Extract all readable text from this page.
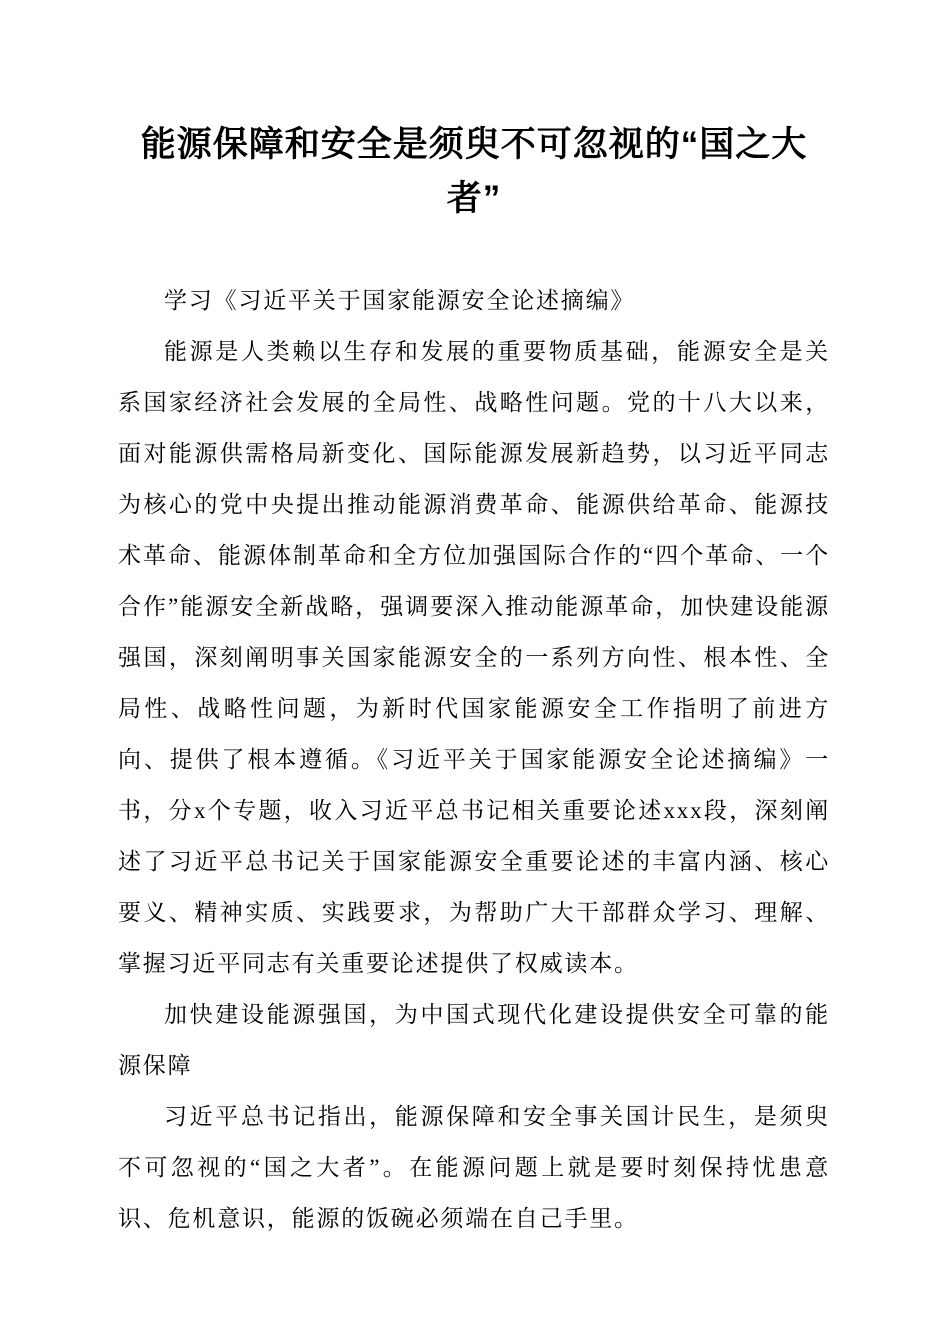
能源保障和安全是须臾不可忽视的“国之大者”

学习《习近平关于国家能源安全论述摘编》

能源是人类赖以生存和发展的重要物质基础，能源安全是关系国家经济社会发展的全局性、战略性问题。党的十八大以来，面对能源供需格局新变化、国际能源发展新趋势，以习近平同志为核心的党中央提出推动能源消费革命、能源供给革命、能源技术革命、能源体制革命和全方位加强国际合作的“四个革命、一个合作”能源安全新战略，强调要深入推动能源革命，加快建设能源强国，深刻阐明事关国家能源安全的一系列方向性、根本性、全局性、战略性问题，为新时代国家能源安全工作指明了前进方向、提供了根本遵循。《习近平关于国家能源安全论述摘编》一书，分x个专题，收入习近平总书记相关重要论述xxx段，深刻阐述了习近平总书记关于国家能源安全重要论述的丰富内涵、核心要义、精神实质、实践要求，为帮助广大干部群众学习、理解、掌握习近平同志有关重要论述提供了权威读本。

加快建设能源强国，为中国式现代化建设提供安全可靠的能源保障

习近平总书记指出，能源保障和安全事关国计民生，是须臾不可忽视的“国之大者”。在能源问题上就是要时刻保持忧患意识、危机意识，能源的饭碗必须端在自己手里。
